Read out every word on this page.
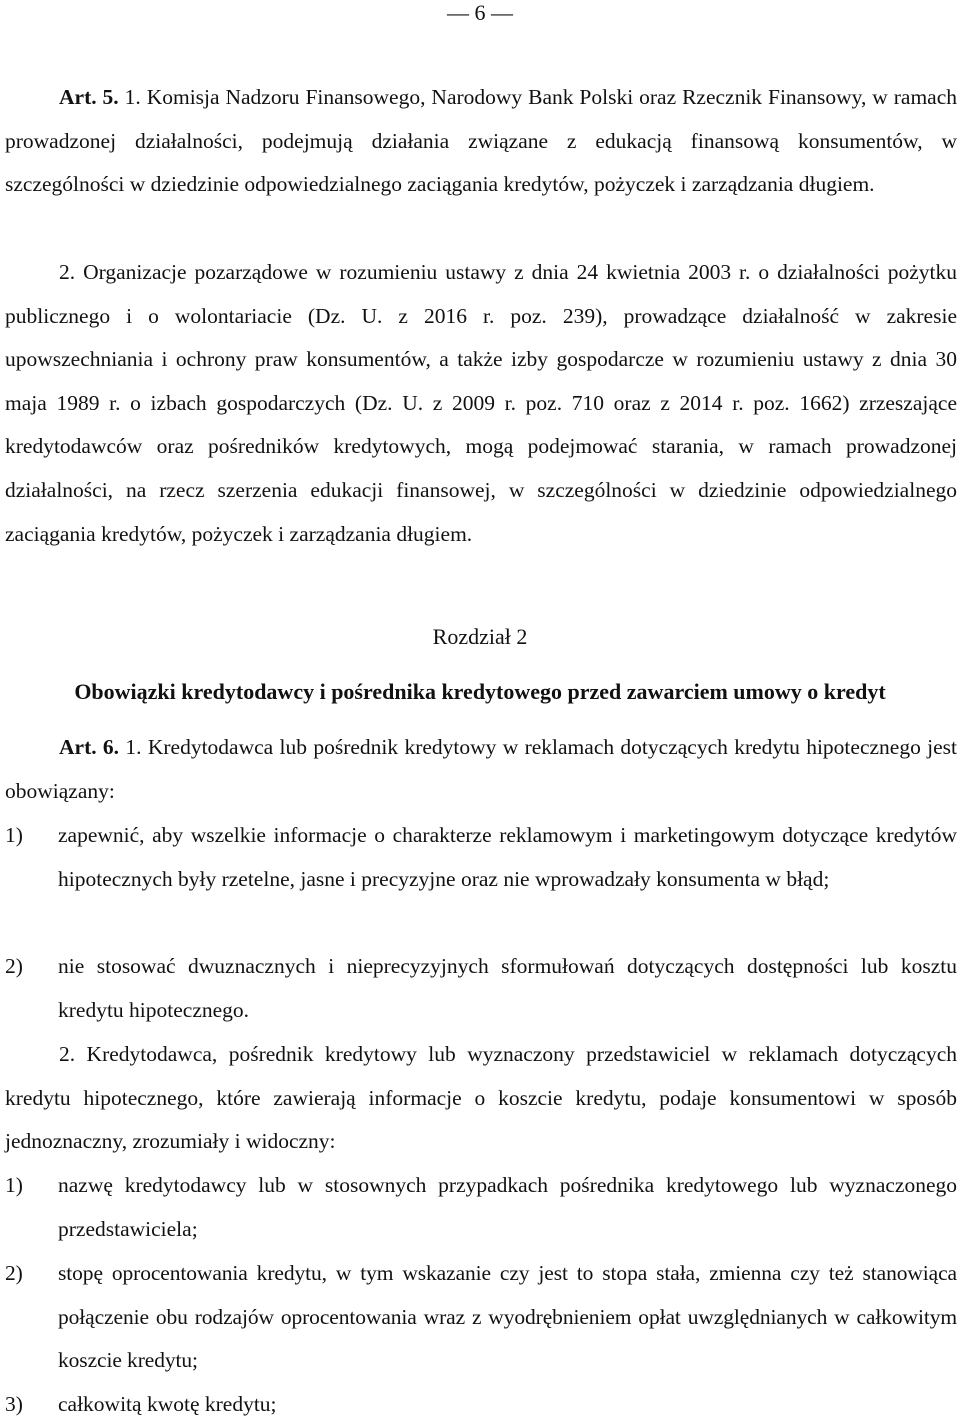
— 6 —
Art. 5. 1. Komisja Nadzoru Finansowego, Narodowy Bank Polski oraz Rzecznik Finansowy, w ramach prowadzonej działalności, podejmują działania związane z edukacją finansową konsumentów, w szczególności w dziedzinie odpowiedzialnego zaciągania kredytów, pożyczek i zarządzania długiem.
2. Organizacje pozarządowe w rozumieniu ustawy z dnia 24 kwietnia 2003 r. o działalności pożytku publicznego i o wolontariacie (Dz. U. z 2016 r. poz. 239), prowadzące działalność w zakresie upowszechniania i ochrony praw konsumentów, a także izby gospodarcze w rozumieniu ustawy z dnia 30 maja 1989 r. o izbach gospodarczych (Dz. U. z 2009 r. poz. 710 oraz z 2014 r. poz. 1662) zrzeszające kredytodawców oraz pośredników kredytowych, mogą podejmować starania, w ramach prowadzonej działalności, na rzecz szerzenia edukacji finansowej, w szczególności w dziedzinie odpowiedzialnego zaciągania kredytów, pożyczek i zarządzania długiem.
Rozdział 2
Obowiązki kredytodawcy i pośrednika kredytowego przed zawarciem umowy o kredyt
Art. 6. 1. Kredytodawca lub pośrednik kredytowy w reklamach dotyczących kredytu hipotecznego jest obowiązany:
1) zapewnić, aby wszelkie informacje o charakterze reklamowym i marketingowym dotyczące kredytów hipotecznych były rzetelne, jasne i precyzyjne oraz nie wprowadzały konsumenta w błąd;
2) nie stosować dwuznacznych i nieprecyzyjnych sformułowań dotyczących dostępności lub kosztu kredytu hipotecznego.
2. Kredytodawca, pośrednik kredytowy lub wyznaczony przedstawiciel w reklamach dotyczących kredytu hipotecznego, które zawierają informacje o koszcie kredytu, podaje konsumentowi w sposób jednoznaczny, zrozumiały i widoczny:
1) nazwę kredytodawcy lub w stosownych przypadkach pośrednika kredytowego lub wyznaczonego przedstawiciela;
2) stopę oprocentowania kredytu, w tym wskazanie czy jest to stopa stała, zmienna czy też stanowiąca połączenie obu rodzajów oprocentowania wraz z wyodrębnieniem opłat uwzględnianych w całkowitym koszcie kredytu;
3) całkowitą kwotę kredytu;
